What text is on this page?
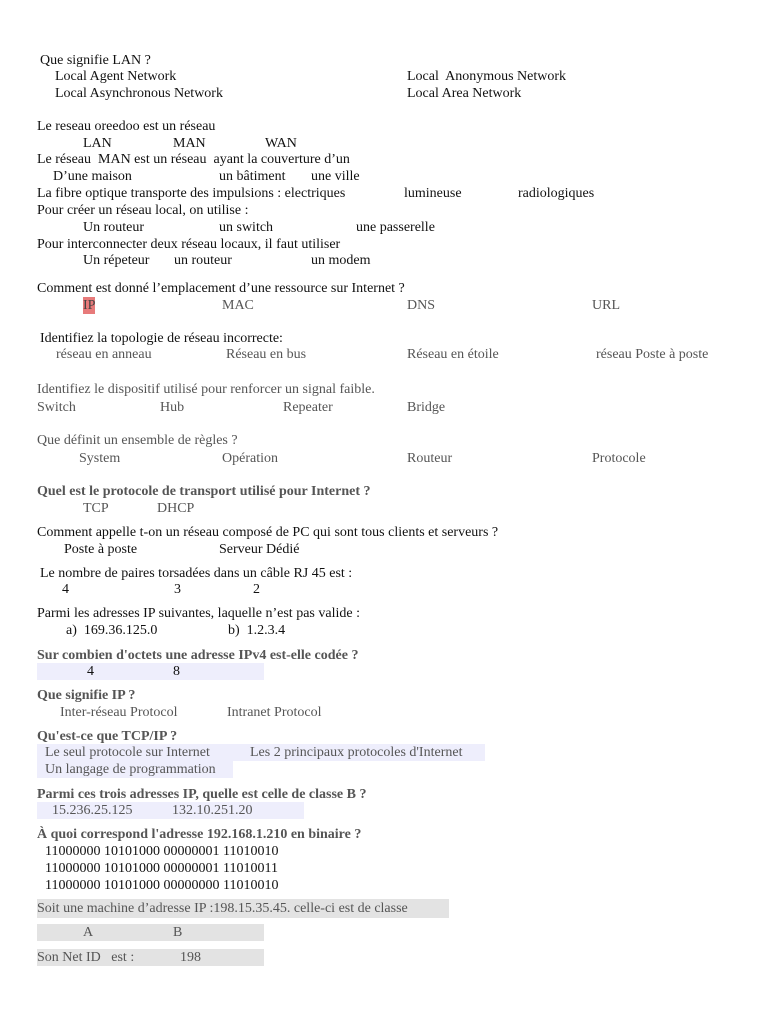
Que signifie LAN ?
Local Agent Network	Local  Anonymous Network
Local Asynchronous Network	Local Area Network
Le reseau oreedoo est un réseau
LAN	MAN	WAN
Le réseau  MAN est un réseau  ayant la couverture d’un
D’une maison	un bâtiment une ville
La fibre optique transporte des impulsions : electriques	lumineuse	radiologiques
Pour créer un réseau local, on utilise :
Un routeur	un switch	une passerelle
Pour interconnecter deux réseau locaux, il faut utiliser
Un répeteur un routeur	un modem
Comment est donné l’emplacement d’une ressource sur Internet ?
IP	MAC	DNS	URL
Identifiez la topologie de réseau incorrecte:
réseau en anneau	Réseau en bus	Réseau en étoile	réseau Poste à poste
Identifiez le dispositif utilisé pour renforcer un signal faible.
Switch	Hub	Repeater	Bridge
Que définit un ensemble de règles ?
System	Opération	Routeur	Protocole
Quel est le protocole de transport utilisé pour Internet ?
TCP	DHCP
Comment appelle t-on un réseau composé de PC qui sont tous clients et serveurs ?
Poste à poste	Serveur Dédié
Le nombre de paires torsadées dans un câble RJ 45 est :
4	3	2
Parmi les adresses IP suivantes, laquelle n’est pas valide :
a)  169.36.125.0	b)  1.2.3.4
Sur combien d'octets une adresse IPv4 est-elle codée ?
4	8
Que signifie IP ?
Inter-réseau Protocol	Intranet Protocol
Qu'est-ce que TCP/IP ?
Le seul protocole sur Internet	Les 2 principaux protocoles d'Internet
Un langage de programmation
Parmi ces trois adresses IP, quelle est celle de classe B ?
15.236.25.125	132.10.251.20
À quoi correspond l'adresse 192.168.1.210 en binaire ?
11000000 10101000 00000001 11010010
11000000 10101000 00000001 11010011
11000000 10101000 00000000 11010010
Soit une machine d’adresse IP :198.15.35.45. celle-ci est de classe
A	B
Son Net ID   est :	198
